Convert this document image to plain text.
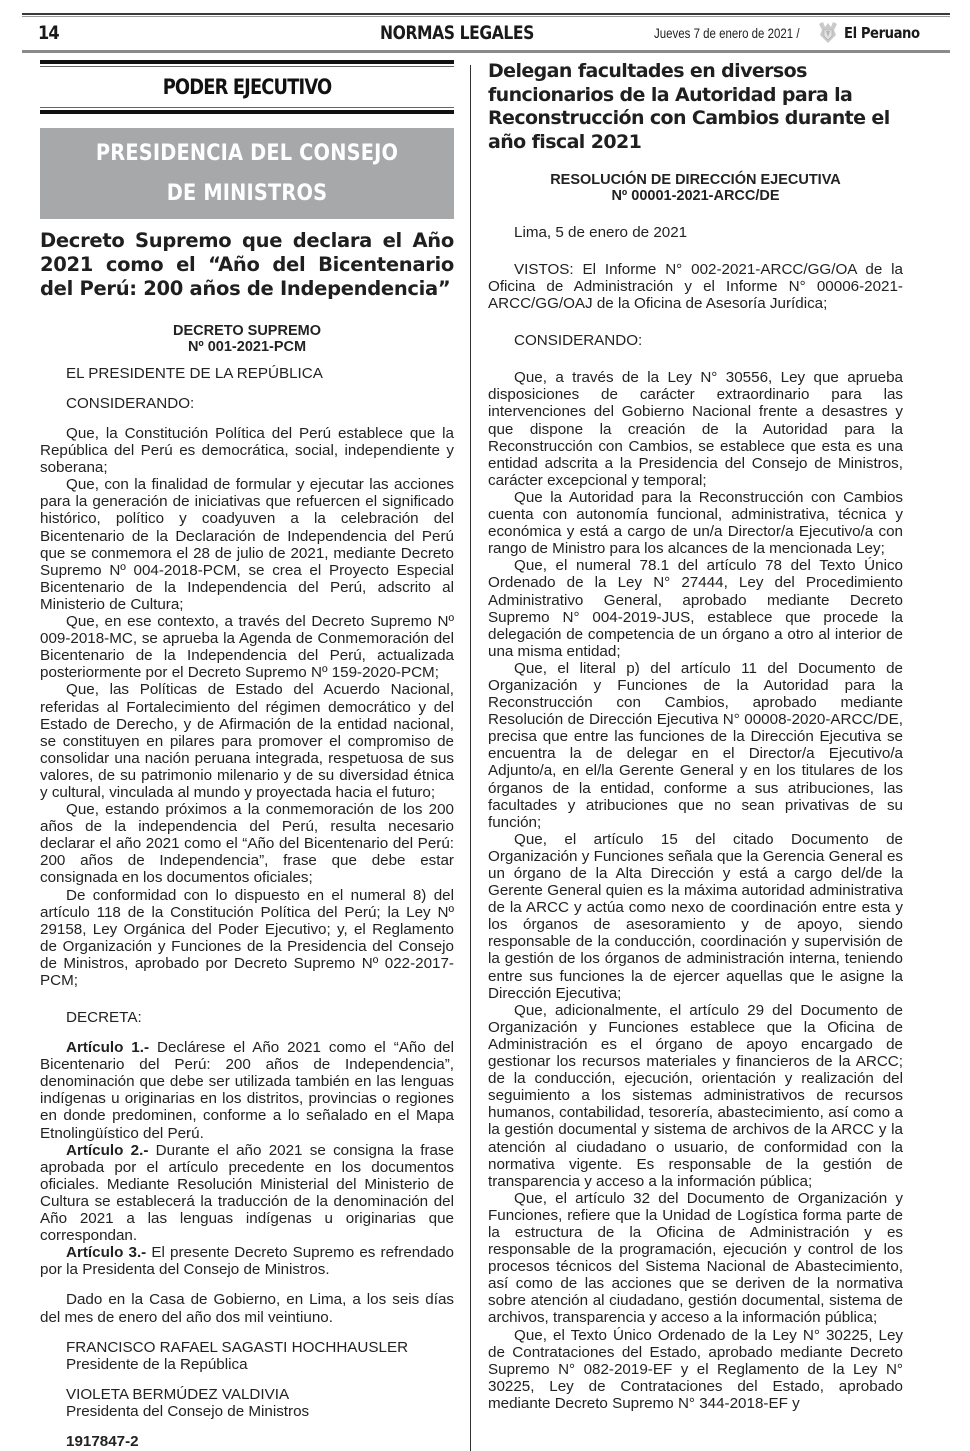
14	NORMAS LEGALES	Jueves 7 de enero de 2021 /	El Peruano
PODER EJECUTIVO
PRESIDENCIA DEL CONSEJO
DE MINISTROS
Decreto Supremo que declara el Año 2021 como el “Año del Bicentenario del Perú: 200 años de Independencia”
DECRETO SUPREMO
Nº 001-2021-PCM
EL PRESIDENTE DE LA REPÚBLICA
CONSIDERANDO:
Que, la Constitución Política del Perú establece que la República del Perú es democrática, social, independiente y soberana;
Que, con la finalidad de formular y ejecutar las acciones para la generación de iniciativas que refuercen el significado histórico, político y coadyuven a la celebración del Bicentenario de la Declaración de Independencia del Perú que se conmemora el 28 de julio de 2021, mediante Decreto Supremo Nº 004-2018-PCM, se crea el Proyecto Especial Bicentenario de la Independencia del Perú, adscrito al Ministerio de Cultura;
Que, en ese contexto, a través del Decreto Supremo Nº 009-2018-MC, se aprueba la Agenda de Conmemoración del Bicentenario de la Independencia del Perú, actualizada posteriormente por el Decreto Supremo Nº 159-2020-PCM;
Que, las Políticas de Estado del Acuerdo Nacional, referidas al Fortalecimiento del régimen democrático y del Estado de Derecho, y de Afirmación de la entidad nacional, se constituyen en pilares para promover el compromiso de consolidar una nación peruana integrada, respetuosa de sus valores, de su patrimonio milenario y de su diversidad étnica y cultural, vinculada al mundo y proyectada hacia el futuro;
Que, estando próximos a la conmemoración de los 200 años de la independencia del Perú, resulta necesario declarar el año 2021 como el “Año del Bicentenario del Perú: 200 años de Independencia”, frase que debe estar consignada en los documentos oficiales;
De conformidad con lo dispuesto en el numeral 8) del artículo 118 de la Constitución Política del Perú; la Ley Nº 29158, Ley Orgánica del Poder Ejecutivo; y, el Reglamento de Organización y Funciones de la Presidencia del Consejo de Ministros, aprobado por Decreto Supremo Nº 022-2017-PCM;
DECRETA:
Artículo 1.- Declárese el Año 2021 como el “Año del Bicentenario del Perú: 200 años de Independencia”, denominación que debe ser utilizada también en las lenguas indígenas u originarias en los distritos, provincias o regiones en donde predominen, conforme a lo señalado en el Mapa Etnolingüístico del Perú.
Artículo 2.- Durante el año 2021 se consigna la frase aprobada por el artículo precedente en los documentos oficiales. Mediante Resolución Ministerial del Ministerio de Cultura se establecerá la traducción de la denominación del Año 2021 a las lenguas indígenas u originarias que correspondan.
Artículo 3.- El presente Decreto Supremo es refrendado por la Presidenta del Consejo de Ministros.
Dado en la Casa de Gobierno, en Lima, a los seis días del mes de enero del año dos mil veintiuno.
FRANCISCO RAFAEL SAGASTI HOCHHAUSLER
Presidente de la República
VIOLETA BERMÚDEZ VALDIVIA
Presidenta del Consejo de Ministros
1917847-2
Delegan facultades en diversos funcionarios de la Autoridad para la Reconstrucción con Cambios durante el año fiscal 2021
RESOLUCIÓN DE DIRECCIÓN EJECUTIVA
Nº 00001-2021-ARCC/DE
Lima, 5 de enero de 2021
VISTOS: El Informe N° 002-2021-ARCC/GG/OA de la Oficina de Administración y el Informe N° 00006-2021-ARCC/GG/OAJ de la Oficina de Asesoría Jurídica;
CONSIDERANDO:
Que, a través de la Ley N° 30556, Ley que aprueba disposiciones de carácter extraordinario para las intervenciones del Gobierno Nacional frente a desastres y que dispone la creación de la Autoridad para la Reconstrucción con Cambios, se establece que esta es una entidad adscrita a la Presidencia del Consejo de Ministros, carácter excepcional y temporal;
Que la Autoridad para la Reconstrucción con Cambios cuenta con autonomía funcional, administrativa, técnica y económica y está a cargo de un/a Director/a Ejecutivo/a con rango de Ministro para los alcances de la mencionada Ley;
Que, el numeral 78.1 del artículo 78 del Texto Único Ordenado de la Ley N° 27444, Ley del Procedimiento Administrativo General, aprobado mediante Decreto Supremo N° 004-2019-JUS, establece que procede la delegación de competencia de un órgano a otro al interior de una misma entidad;
Que, el literal p) del artículo 11 del Documento de Organización y Funciones de la Autoridad para la Reconstrucción con Cambios, aprobado mediante Resolución de Dirección Ejecutiva N° 00008-2020-ARCC/DE, precisa que entre las funciones de la Dirección Ejecutiva se encuentra la de delegar en el Director/a Ejecutivo/a Adjunto/a, en el/la Gerente General y en los titulares de los órganos de la entidad, conforme a sus atribuciones, las facultades y atribuciones que no sean privativas de su función;
Que, el artículo 15 del citado Documento de Organización y Funciones señala que la Gerencia General es un órgano de la Alta Dirección y está a cargo del/de la Gerente General quien es la máxima autoridad administrativa de la ARCC y actúa como nexo de coordinación entre esta y los órganos de asesoramiento y de apoyo, siendo responsable de la conducción, coordinación y supervisión de la gestión de los órganos de administración interna, teniendo entre sus funciones la de ejercer aquellas que le asigne la Dirección Ejecutiva;
Que, adicionalmente, el artículo 29 del Documento de Organización y Funciones establece que la Oficina de Administración es el órgano de apoyo encargado de gestionar los recursos materiales y financieros de la ARCC; de la conducción, ejecución, orientación y realización del seguimiento a los sistemas administrativos de recursos humanos, contabilidad, tesorería, abastecimiento, así como a la gestión documental y sistema de archivos de la ARCC y la atención al ciudadano o usuario, de conformidad con la normativa vigente. Es responsable de la gestión de transparencia y acceso a la información pública;
Que, el artículo 32 del Documento de Organización y Funciones, refiere que la Unidad de Logística forma parte de la estructura de la Oficina de Administración y es responsable de la programación, ejecución y control de los procesos técnicos del Sistema Nacional de Abastecimiento, así como de las acciones que se deriven de la normativa sobre atención al ciudadano, gestión documental, sistema de archivos, transparencia y acceso a la información pública;
Que, el Texto Único Ordenado de la Ley N° 30225, Ley de Contrataciones del Estado, aprobado mediante Decreto Supremo N° 082-2019-EF y el Reglamento de la Ley N° 30225, Ley de Contrataciones del Estado, aprobado mediante Decreto Supremo N° 344-2018-EF y
